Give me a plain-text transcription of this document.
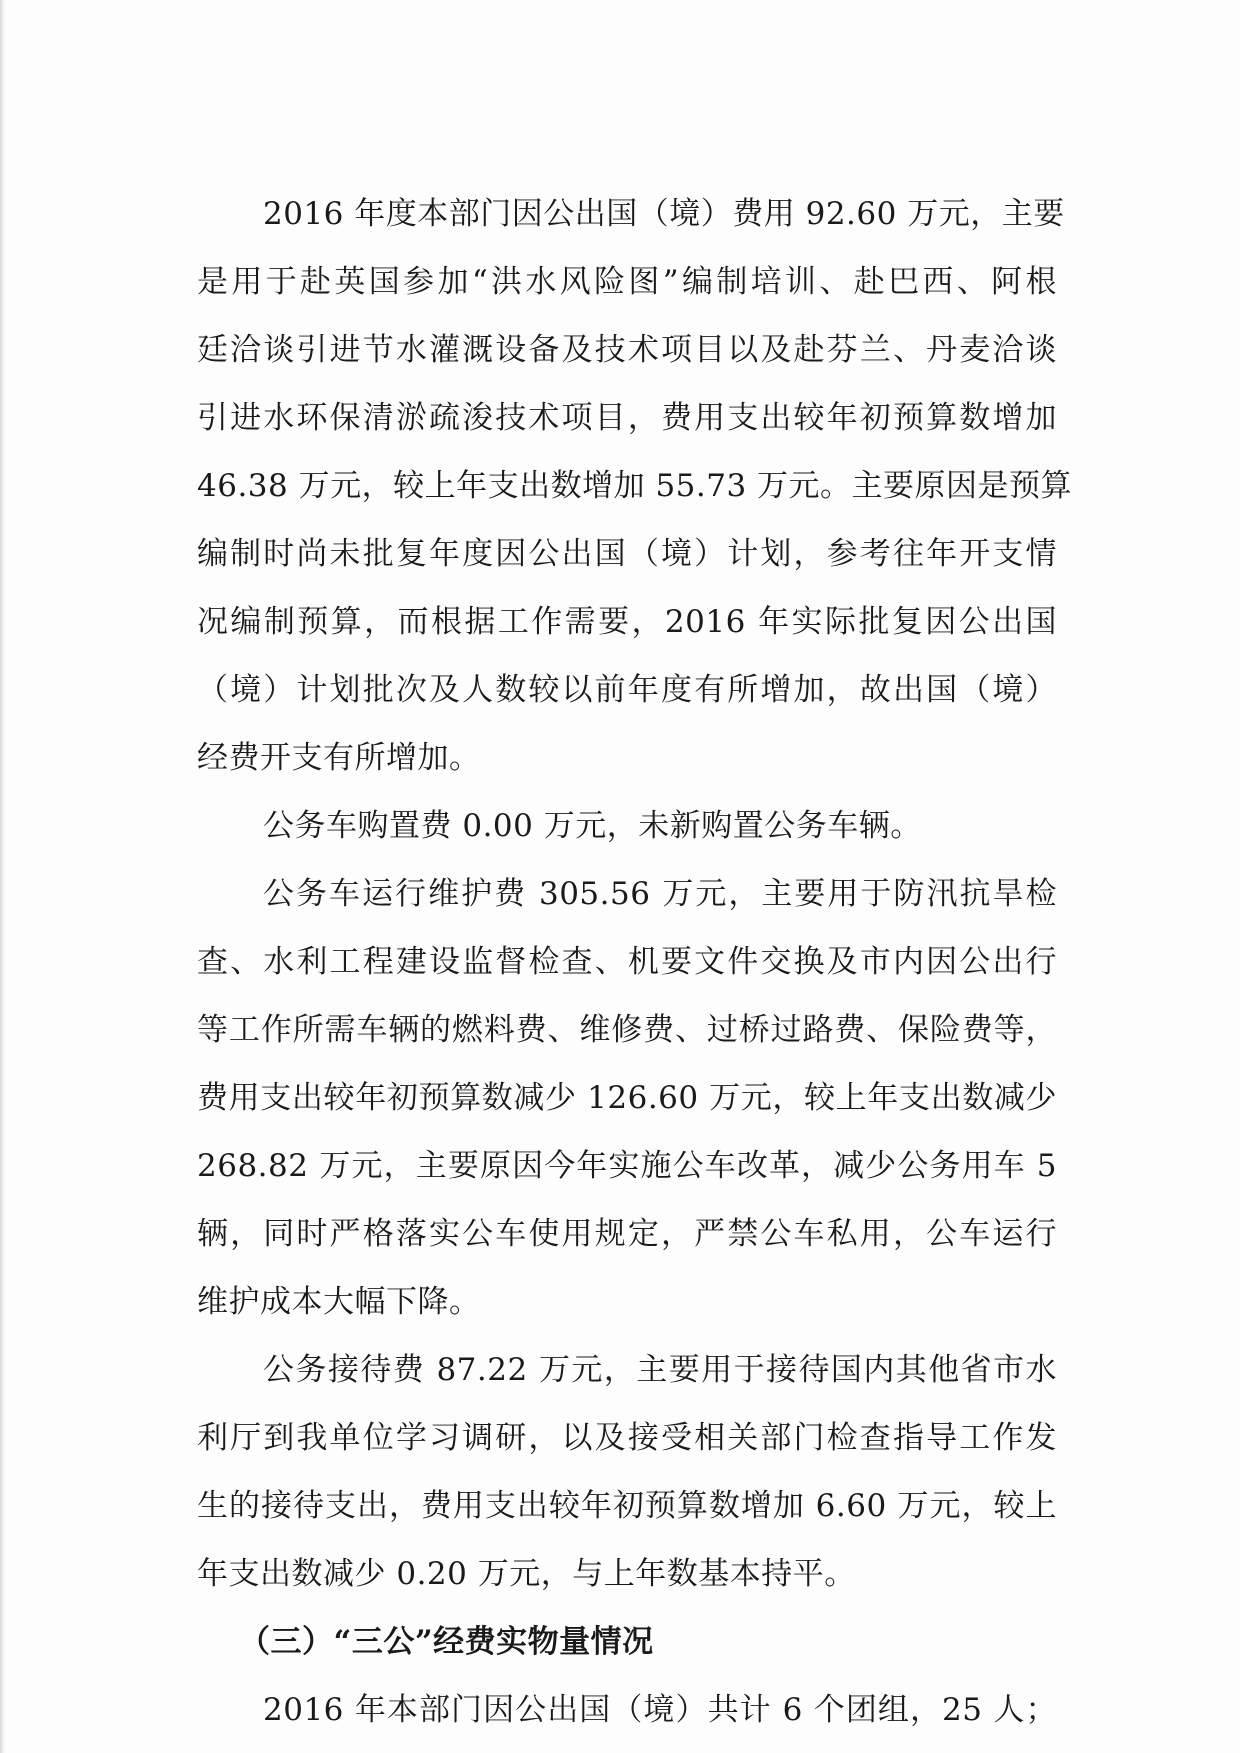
2016 年度本部门因公出国（境）费用 92.60 万元，主要
是用于赴英国参加“洪水风险图”编制培训、赴巴西、阿根
廷洽谈引进节水灌溉设备及技术项目以及赴芬兰、丹麦洽谈
引进水环保清淤疏浚技术项目，费用支出较年初预算数增加
46.38 万元，较上年支出数增加 55.73 万元。主要原因是预算
编制时尚未批复年度因公出国（境）计划，参考往年开支情
况编制预算，而根据工作需要，2016 年实际批复因公出国
（境）计划批次及人数较以前年度有所增加，故出国（境）
经费开支有所增加。
公务车购置费 0.00 万元，未新购置公务车辆。
公务车运行维护费 305.56 万元，主要用于防汛抗旱检
查、水利工程建设监督检查、机要文件交换及市内因公出行
等工作所需车辆的燃料费、维修费、过桥过路费、保险费等，
费用支出较年初预算数减少 126.60 万元，较上年支出数减少
268.82 万元，主要原因今年实施公车改革，减少公务用车 5
辆，同时严格落实公车使用规定，严禁公车私用，公车运行
维护成本大幅下降。
公务接待费 87.22 万元，主要用于接待国内其他省市水
利厅到我单位学习调研，以及接受相关部门检查指导工作发
生的接待支出，费用支出较年初预算数增加 6.60 万元，较上
年支出数减少 0.20 万元，与上年数基本持平。
（三）“三公”经费实物量情况
2016 年本部门因公出国（境）共计 6 个团组，25 人；
